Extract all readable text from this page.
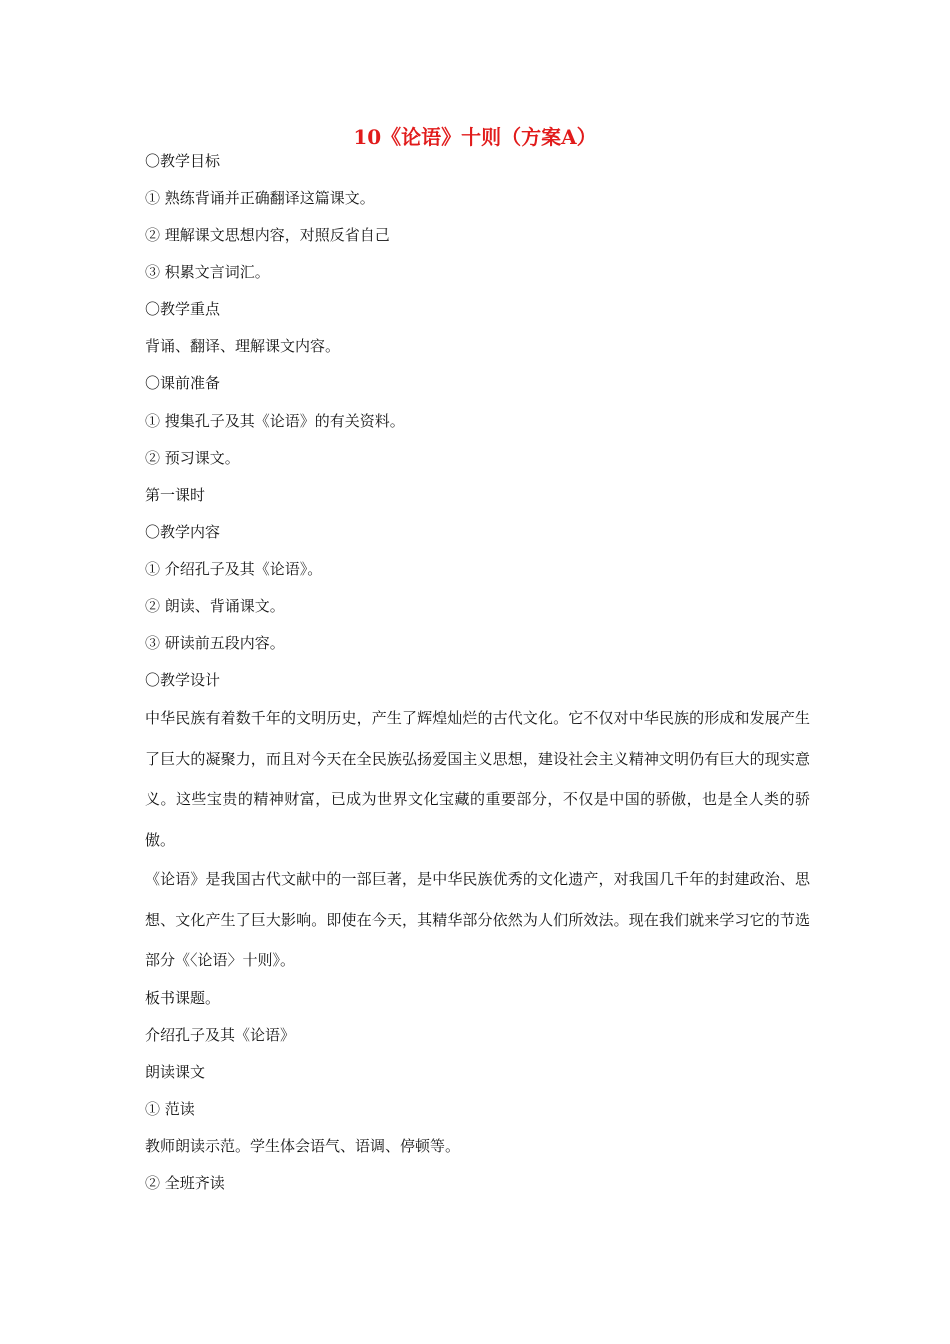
10《论语》十则（方案A）
〇教学目标
① 熟练背诵并正确翻译这篇课文。
② 理解课文思想内容，对照反省自己
③ 积累文言词汇。
〇教学重点
背诵、翻译、理解课文内容。
〇课前准备
① 搜集孔子及其《论语》的有关资料。
② 预习课文。
第一课时
〇教学内容
① 介绍孔子及其《论语》。
② 朗读、背诵课文。
③ 研读前五段内容。
〇教学设计
中华民族有着数千年的文明历史，产生了辉煌灿烂的古代文化。它不仅对中华民族的形成和发展产生了巨大的凝聚力，而且对今天在全民族弘扬爱国主义思想，建设社会主义精神文明仍有巨大的现实意义。这些宝贵的精神财富，已成为世界文化宝藏的重要部分，不仅是中国的骄傲，也是全人类的骄傲。
《论语》是我国古代文献中的一部巨著，是中华民族优秀的文化遗产，对我国几千年的封建政治、思想、文化产生了巨大影响。即使在今天，其精华部分依然为人们所效法。现在我们就来学习它的节选部分《〈论语〉十则》。
板书课题。
介绍孔子及其《论语》
朗读课文
① 范读
教师朗读示范。学生体会语气、语调、停顿等。
② 全班齐读
